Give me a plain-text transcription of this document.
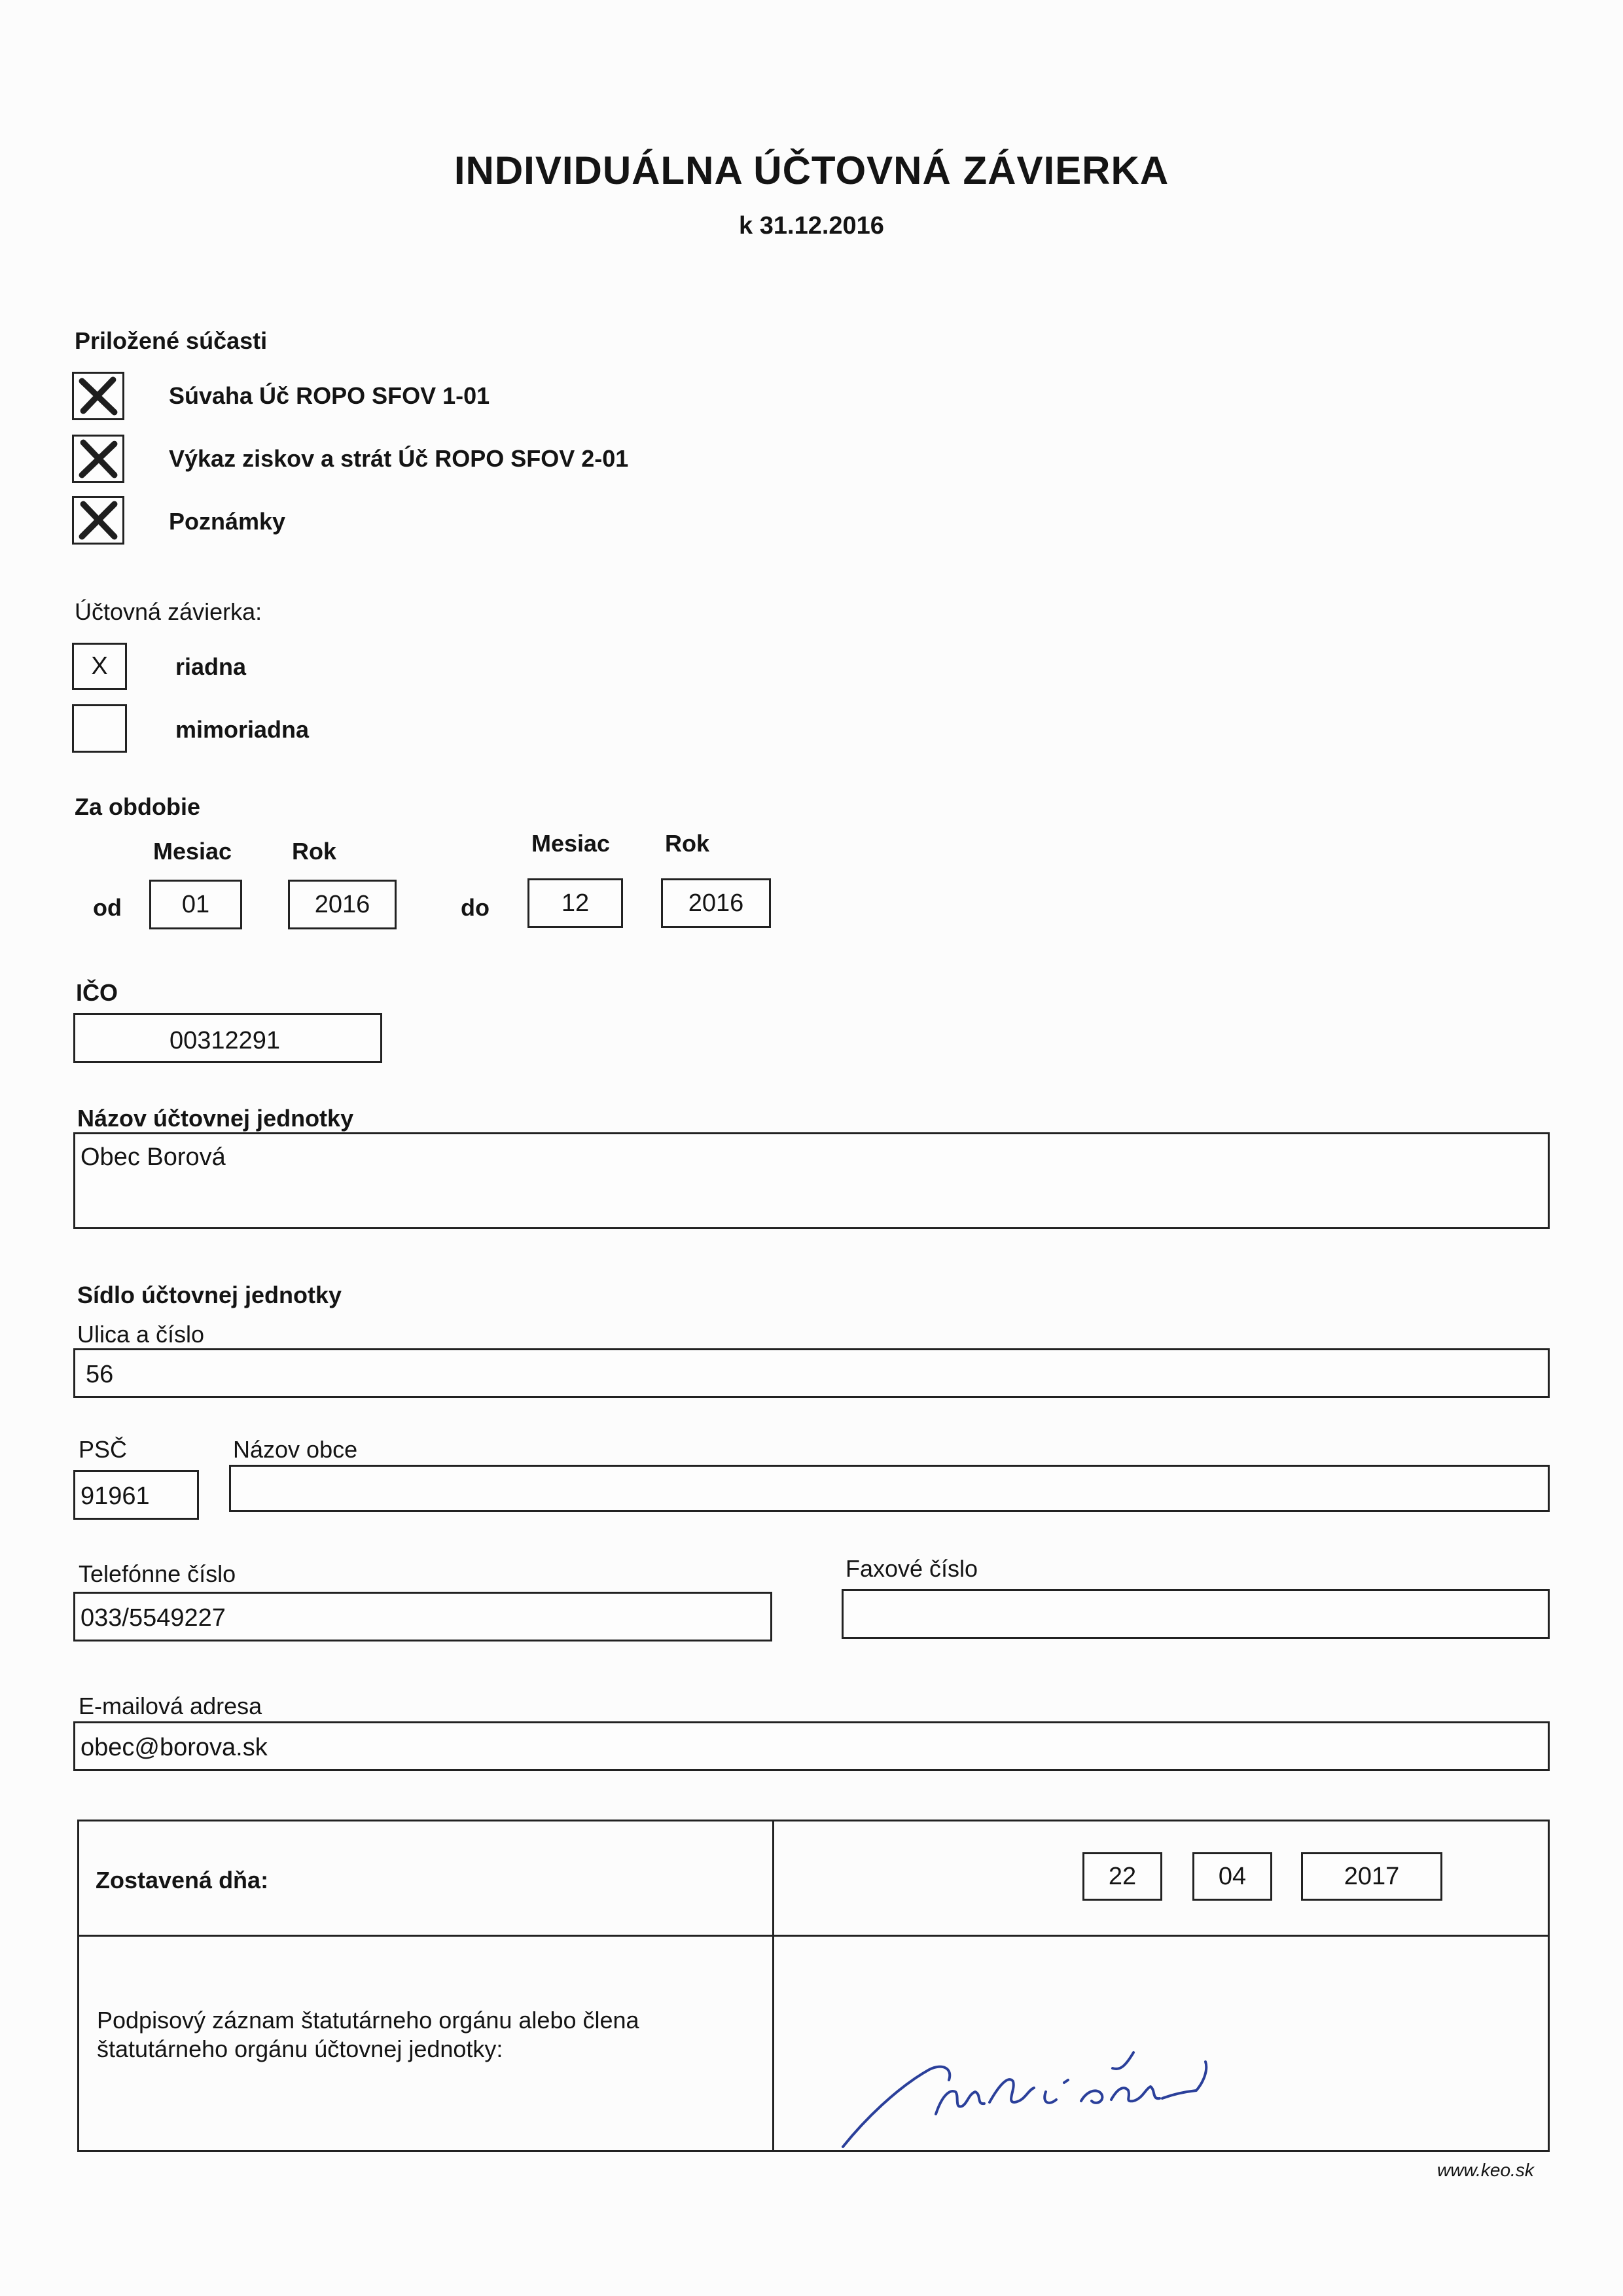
INDIVIDUÁLNA ÚČTOVNÁ ZÁVIERKA
k 31.12.2016
Priložené súčasti
Súvaha Úč ROPO SFOV 1-01
Výkaz ziskov a strát Úč ROPO SFOV 2-01
Poznámky
Účtovná závierka:
X	riadna
mimoriadna
Za obdobie
Mesiac	Rok	Mesiac Rok
od	01	2016	do	12	2016
IČO
00312291
Názov účtovnej jednotky
Obec Borová
Sídlo účtovnej jednotky
Ulica a číslo
56
PSČ	Názov obce
91961
Telefónne číslo
033/5549227
Faxové číslo
E-mailová adresa
obec@borova.sk
Zostavená dňa:	22	04	2017
Podpisový záznam štatutárneho orgánu alebo člena
štatutárneho orgánu účtovnej jednotky:
www.keo.sk
